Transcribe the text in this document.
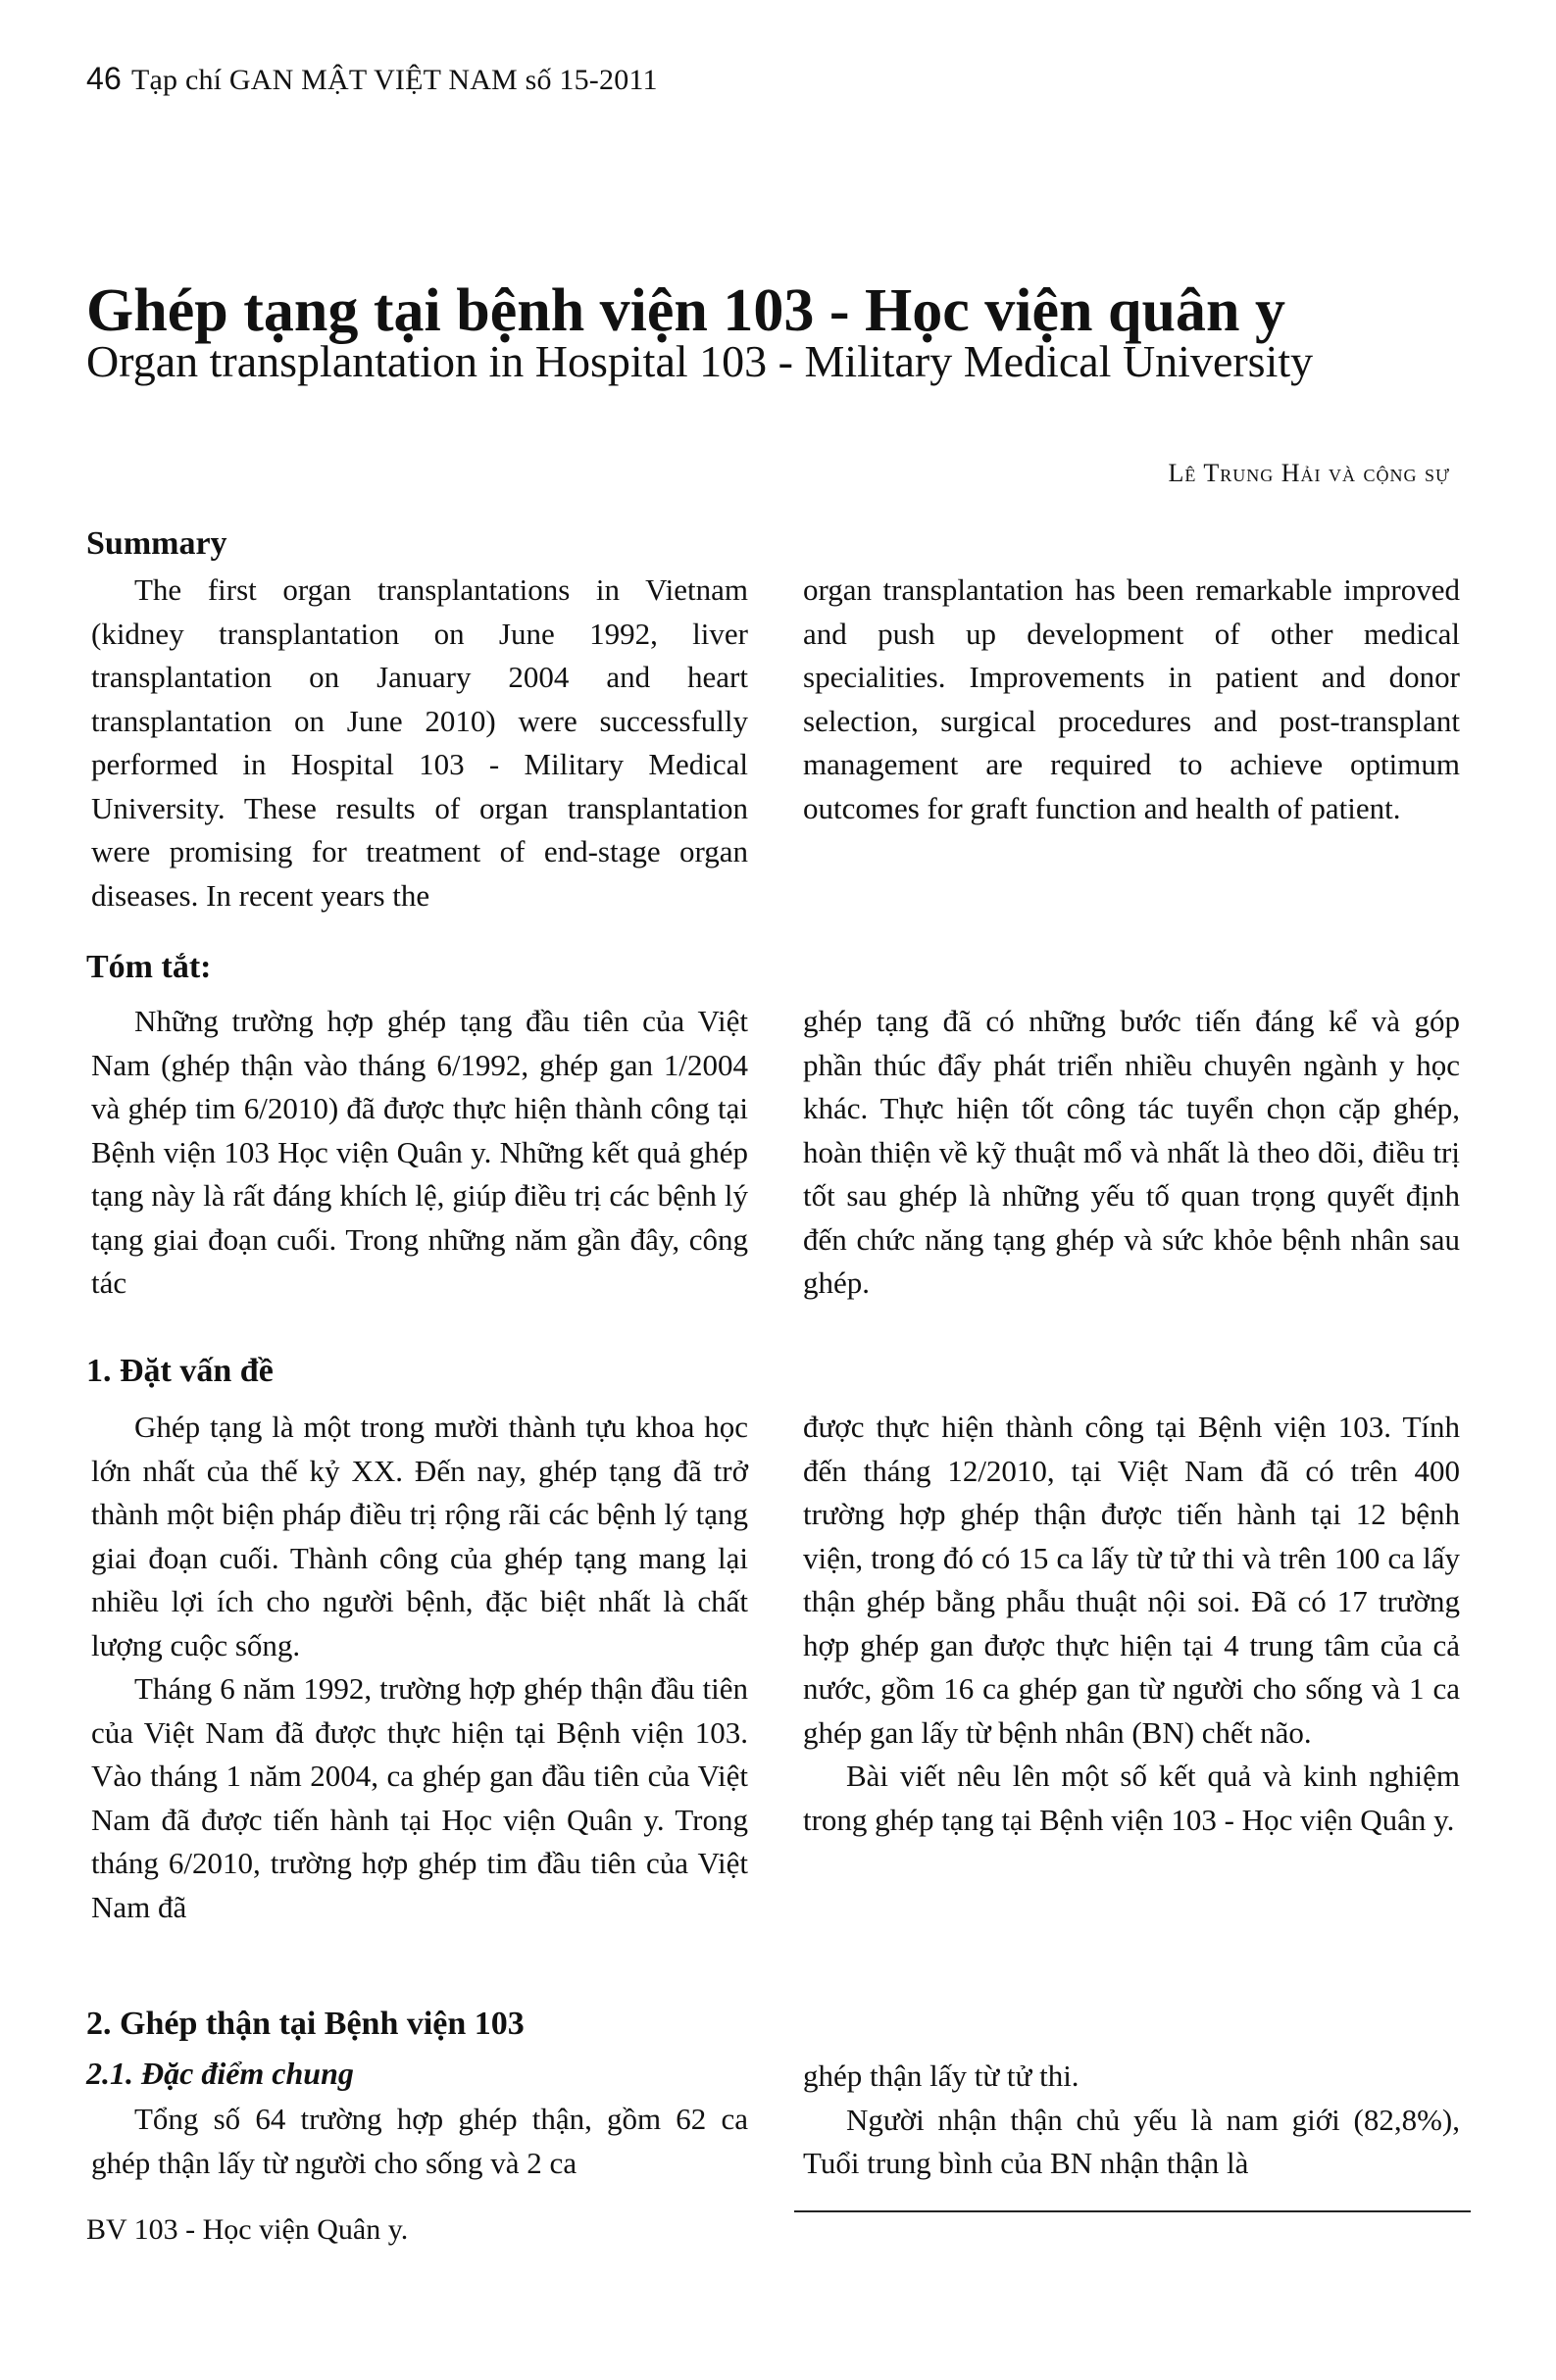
46 Tạp chí GAN MẬT VIỆT NAM số 15-2011
Ghép tạng tại bệnh viện 103 - Học viện quân y
Organ transplantation in Hospital 103 - Military Medical University
Lê Trung Hải và cộng sự
Summary

The first organ transplantations in Vietnam (kidney transplantation on June 1992, liver transplantation on January 2004 and heart transplantation on June 2010) were successfully performed in Hospital 103 - Military Medical University. These results of organ transplantation were promising for treatment of end-stage organ diseases. In recent years the

organ transplantation has been remarkable improved and push up development of other medical specialities. Improvements in patient and donor selection, surgical procedures and post-transplant management are required to achieve optimum outcomes for graft function and health of patient.

Tóm tắt:

Những trường hợp ghép tạng đầu tiên của Việt Nam (ghép thận vào tháng 6/1992, ghép gan 1/2004 và ghép tim 6/2010) đã được thực hiện thành công tại Bệnh viện 103 Học viện Quân y. Những kết quả ghép tạng này là rất đáng khích lệ, giúp điều trị các bệnh lý tạng giai đoạn cuối. Trong những năm gần đây, công tác

ghép tạng đã có những bước tiến đáng kể và góp phần thúc đẩy phát triển nhiều chuyên ngành y học khác. Thực hiện tốt công tác tuyển chọn cặp ghép, hoàn thiện về kỹ thuật mổ và nhất là theo dõi, điều trị tốt sau ghép là những yếu tố quan trọng quyết định đến chức năng tạng ghép và sức khỏe bệnh nhân sau ghép.

1. Đặt vấn đề

Ghép tạng là một trong mười thành tựu khoa học lớn nhất của thế kỷ XX. Đến nay, ghép tạng đã trở thành một biện pháp điều trị rộng rãi các bệnh lý tạng giai đoạn cuối. Thành công của ghép tạng mang lại nhiều lợi ích cho người bệnh, đặc biệt nhất là chất lượng cuộc sống.

Tháng 6 năm 1992, trường hợp ghép thận đầu tiên của Việt Nam đã được thực hiện tại Bệnh viện 103. Vào tháng 1 năm 2004, ca ghép gan đầu tiên của Việt Nam đã được tiến hành tại Học viện Quân y. Trong tháng 6/2010, trường hợp ghép tim đầu tiên của Việt Nam đã

được thực hiện thành công tại Bệnh viện 103. Tính đến tháng 12/2010, tại Việt Nam đã có trên 400 trường hợp ghép thận được tiến hành tại 12 bệnh viện, trong đó có 15 ca lấy từ tử thi và trên 100 ca lấy thận ghép bằng phẫu thuật nội soi. Đã có 17 trường hợp ghép gan được thực hiện tại 4 trung tâm của cả nước, gồm 16 ca ghép gan từ người cho sống và 1 ca ghép gan lấy từ bệnh nhân (BN) chết não.

Bài viết nêu lên một số kết quả và kinh nghiệm trong ghép tạng tại Bệnh viện 103 - Học viện Quân y.

2. Ghép thận tại Bệnh viện 103
2.1. Đặc điểm chung

Tổng số 64 trường hợp ghép thận, gồm 62 ca ghép thận lấy từ người cho sống và 2 ca

ghép thận lấy từ tử thi.

Người nhận thận chủ yếu là nam giới (82,8%), Tuổi trung bình của BN nhận thận là

BV 103 - Học viện Quân y.
